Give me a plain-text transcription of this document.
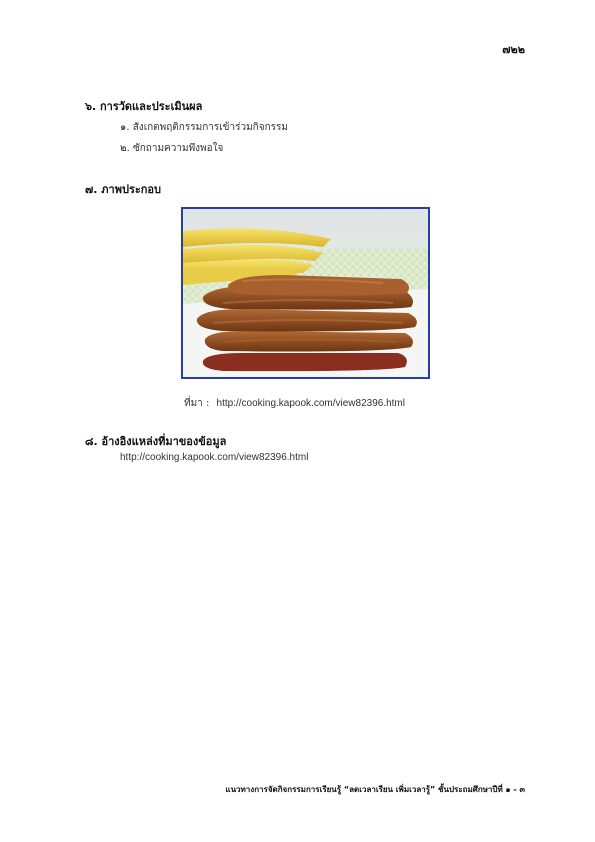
๗๒๒
๖. การวัดและประเมินผล
๑. สังเกตพฤติกรรมการเข้าร่วมกิจกรรม
๒. ซักถามความพึงพอใจ
๗. ภาพประกอบ
ที่มา : http://cooking.kapook.com/view82396.html
๘. อ้างอิงแหล่งที่มาของข้อมูล
http://cooking.kapook.com/view82396.html
แนวทางการจัดกิจกรรมการเรียนรู้ “ลดเวลาเรียน เพิ่มเวลารู้” ชั้นประถมศึกษาปีที่ ๑ - ๓
